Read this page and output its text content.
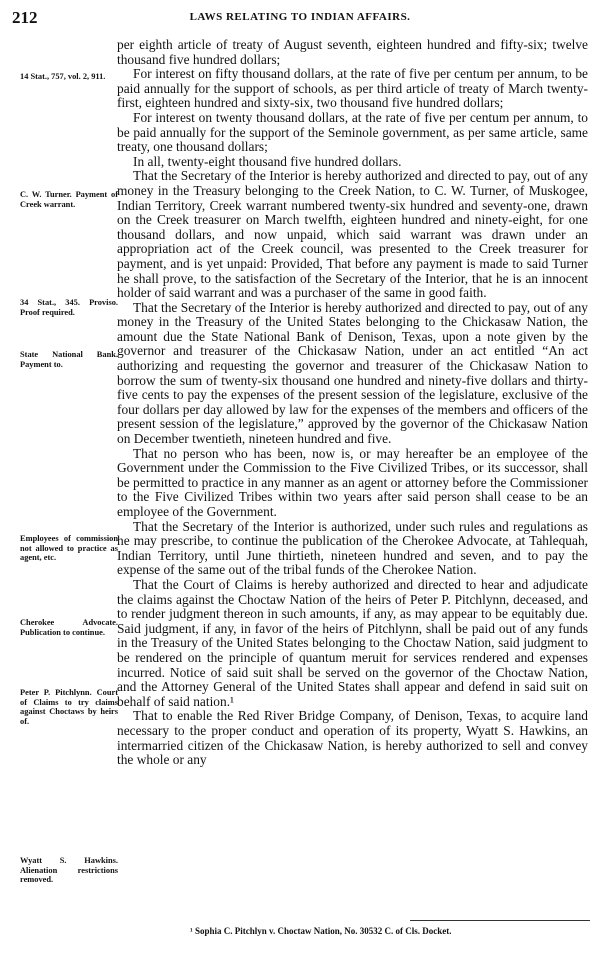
212	LAWS RELATING TO INDIAN AFFAIRS.
14 Stat., 757, vol. 2, 911.
C. W. Turner. Payment of Creek warrant.
34 Stat., 345. Proviso. Proof required.
State National Bank. Payment to.
Employees of commission not allowed to practice as agent, etc.
Cherokee Advocate. Publication to continue.
Peter P. Pitchlynn. Court of Claims to try claims against Choctaws by heirs of.
Wyatt S. Hawkins. Alienation restrictions removed.

per eighth article of treaty of August seventh, eighteen hundred and fifty-six; twelve thousand five hundred dollars;

For interest on fifty thousand dollars, at the rate of five per centum per annum, to be paid annually for the support of schools, as per third article of treaty of March twenty-first, eighteen hundred and sixty-six, two thousand five hundred dollars;

For interest on twenty thousand dollars, at the rate of five per centum per annum, to be paid annually for the support of the Seminole government, as per same article, same treaty, one thousand dollars;

In all, twenty-eight thousand five hundred dollars.

That the Secretary of the Interior is hereby authorized and directed to pay, out of any money in the Treasury belonging to the Creek Nation, to C. W. Turner, of Muskogee, Indian Territory, Creek warrant numbered twenty-six hundred and seventy-one, drawn on the Creek treasurer on March twelfth, eighteen hundred and ninety-eight, for one thousand dollars, and now unpaid, which said warrant was drawn under an appropriation act of the Creek council, was presented to the Creek treasurer for payment, and is yet unpaid: Provided, That before any payment is made to said Turner he shall prove, to the satisfaction of the Secretary of the Interior, that he is an innocent holder of said warrant and was a purchaser of the same in good faith.

That the Secretary of the Interior is hereby authorized and directed to pay, out of any money in the Treasury of the United States belonging to the Chickasaw Nation, the amount due the State National Bank of Denison, Texas, upon a note given by the governor and treasurer of the Chickasaw Nation, under an act entitled “An act authorizing and requesting the governor and treasurer of the Chickasaw Nation to borrow the sum of twenty-six thousand one hundred and ninety-five dollars and thirty-five cents to pay the expenses of the present session of the legislature, exclusive of the four dollars per day allowed by law for the expenses of the members and officers of the present session of the legislature,” approved by the governor of the Chickasaw Nation on December twentieth, nineteen hundred and five.

That no person who has been, now is, or may hereafter be an employee of the Government under the Commission to the Five Civilized Tribes, or its successor, shall be permitted to practice in any manner as an agent or attorney before the Commissioner to the Five Civilized Tribes within two years after said person shall cease to be an employee of the Government.

That the Secretary of the Interior is authorized, under such rules and regulations as he may prescribe, to continue the publication of the Cherokee Advocate, at Tahlequah, Indian Territory, until June thirtieth, nineteen hundred and seven, and to pay the expense of the same out of the tribal funds of the Cherokee Nation.

That the Court of Claims is hereby authorized and directed to hear and adjudicate the claims against the Choctaw Nation of the heirs of Peter P. Pitchlynn, deceased, and to render judgment thereon in such amounts, if any, as may appear to be equitably due. Said judgment, if any, in favor of the heirs of Pitchlynn, shall be paid out of any funds in the Treasury of the United States belonging to the Choctaw Nation, said judgment to be rendered on the principle of quantum meruit for services rendered and expenses incurred. Notice of said suit shall be served on the governor of the Choctaw Nation, and the Attorney General of the United States shall appear and defend in said suit on behalf of said nation.¹

That to enable the Red River Bridge Company, of Denison, Texas, to acquire land necessary to the proper conduct and operation of its property, Wyatt S. Hawkins, an intermarried citizen of the Chickasaw Nation, is hereby authorized to sell and convey the whole or any

¹ Sophia C. Pitchlyn v. Choctaw Nation, No. 30532 C. of Cls. Docket.
